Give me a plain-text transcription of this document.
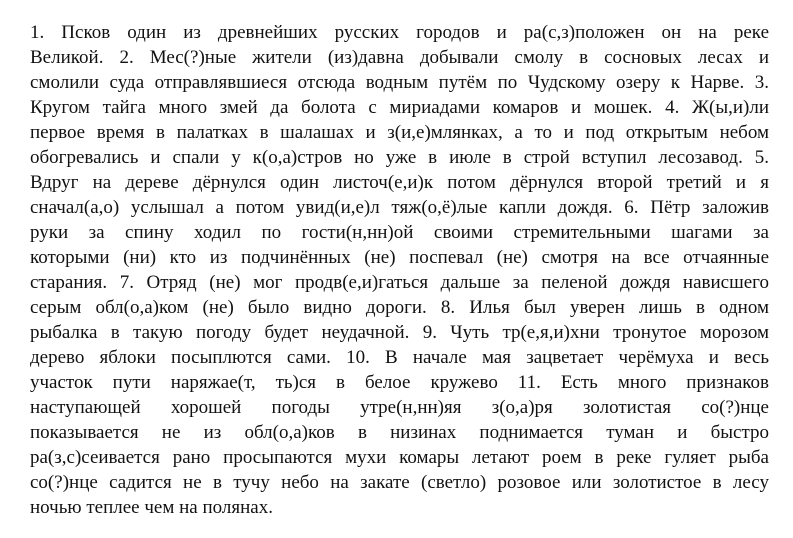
1. Псков один из древнейших русских городов и ра(с,з)положен он на реке
Великой. 2. Мес(?)ные жители (из)давна добывали смолу в сосновых лесах и
смолили суда отправлявшиеся отсюда водным путём по Чудскому озеру к Нарве. 3.
Кругом тайга много змей да болота с мириадами комаров и мошек. 4. Ж(ы,и)ли
первое время в палатках в шалашах и з(и,е)млянках, а то и под открытым небом
обогревались и спали у к(о,а)стров но уже в июле в строй вступил лесозавод. 5.
Вдруг на дереве дёрнулся один листоч(е,и)к потом дёрнулся второй третий и я
сначал(а,о) услышал а потом увид(и,е)л тяж(о,ё)лые капли дождя. 6. Пётр заложив
руки за спину ходил по гости(н,нн)ой своими стремительными шагами за
которыми (ни) кто из подчинённых (не) поспевал (не) смотря на все отчаянные
старания. 7. Отряд (не) мог продв(е,и)гаться дальше за пеленой дождя нависшего
серым обл(о,а)ком (не) было видно дороги. 8. Илья был уверен лишь в одном
рыбалка в такую погоду будет неудачной. 9. Чуть тр(е,я,и)хни тронутое морозом
дерево яблоки посыплются сами. 10. В начале мая зацветает черёмуха и весь
участок пути наряжае(т, ть)ся в белое кружево 11. Есть много признаков
наступающей хорошей погоды утре(н,нн)яя з(о,а)ря золотистая со(?)нце
показывается не из обл(о,а)ков в низинах поднимается туман и быстро
ра(з,с)сеивается рано просыпаются мухи комары летают роем в реке гуляет рыба
со(?)нце садится не в тучу небо на закате (светло) розовое или золотистое в лесу
ночью теплее чем на полянах.
